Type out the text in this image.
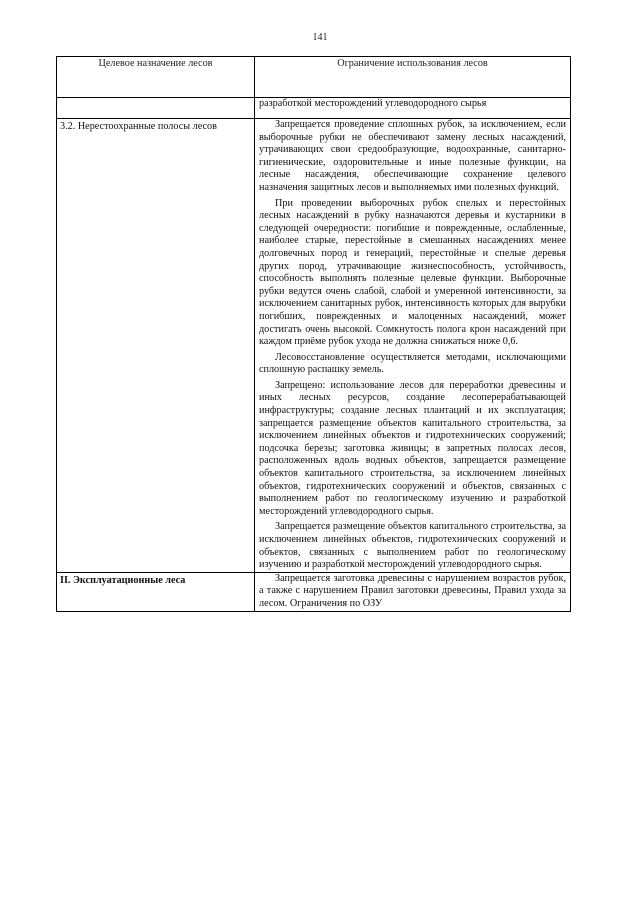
141
Целевое назначение лесов	Ограничение использования лесов

	разработкой месторождений углеводородного сырья

3.2. Нерестоохранные полосы лесов	Запрещается проведение сплошных рубок, за исключением, если выборочные рубки не обеспечивают замену лесных насаждений, утрачивающих свои средообразующие, водоохранные, санитарно-гигиенические, оздоровительные и иные полезные функции, на лесные насаждения, обеспечивающие сохранение целевого назначения защитных лесов и выполняемых ими полезных функций.

При проведении выборочных рубок спелых и перестойных лесных насаждений в рубку назначаются деревья и кустарники в следующей очередности: погибшие и поврежденные, ослабленные, наиболее старые, перестойные в смешанных насаждениях менее долговечных пород и генераций, перестойные и спелые деревья других пород, утрачивающие жизнеспособность, устойчивость, способность выполнять полезные целевые функции. Выборочные рубки ведутся очень слабой, слабой и умеренной интенсивности, за исключением санитарных рубок, интенсивность которых для вырубки погибших, поврежденных и малоценных насаждений, может достигать очень высокой. Сомкнутость полога крон насаждений при каждом приёме рубок ухода не должна снижаться ниже 0,6.

Лесовосстановление осуществляется методами, исключающими сплошную распашку земель.

Запрещено: использование лесов для переработки древесины и иных лесных ресурсов, создание лесоперерабатывающей инфраструктуры; создание лесных плантаций и их эксплуатация; запрещается размещение объектов капитального строительства, за исключением линейных объектов и гидротехнических сооружений; подсочка березы; заготовка живицы; в запретных полосах лесов, расположенных вдоль водных объектов, запрещается размещение объектов капитального строительства, за исключением линейных объектов, гидротехнических сооружений и объектов, связанных с выполнением работ по геологическому изучению и разработкой месторождений углеводородного сырья.

Запрещается размещение объектов капитального строительства, за исключением линейных объектов, гидротехнических сооружений и объектов, связанных с выполнением работ по геологическому изучению и разработкой месторождений углеводородного сырья.

II. Эксплуатационные леса	Запрещается заготовка древесины с нарушением возрастов рубок, а также с нарушением Правил заготовки древесины, Правил ухода за лесом. Ограничения по ОЗУ
